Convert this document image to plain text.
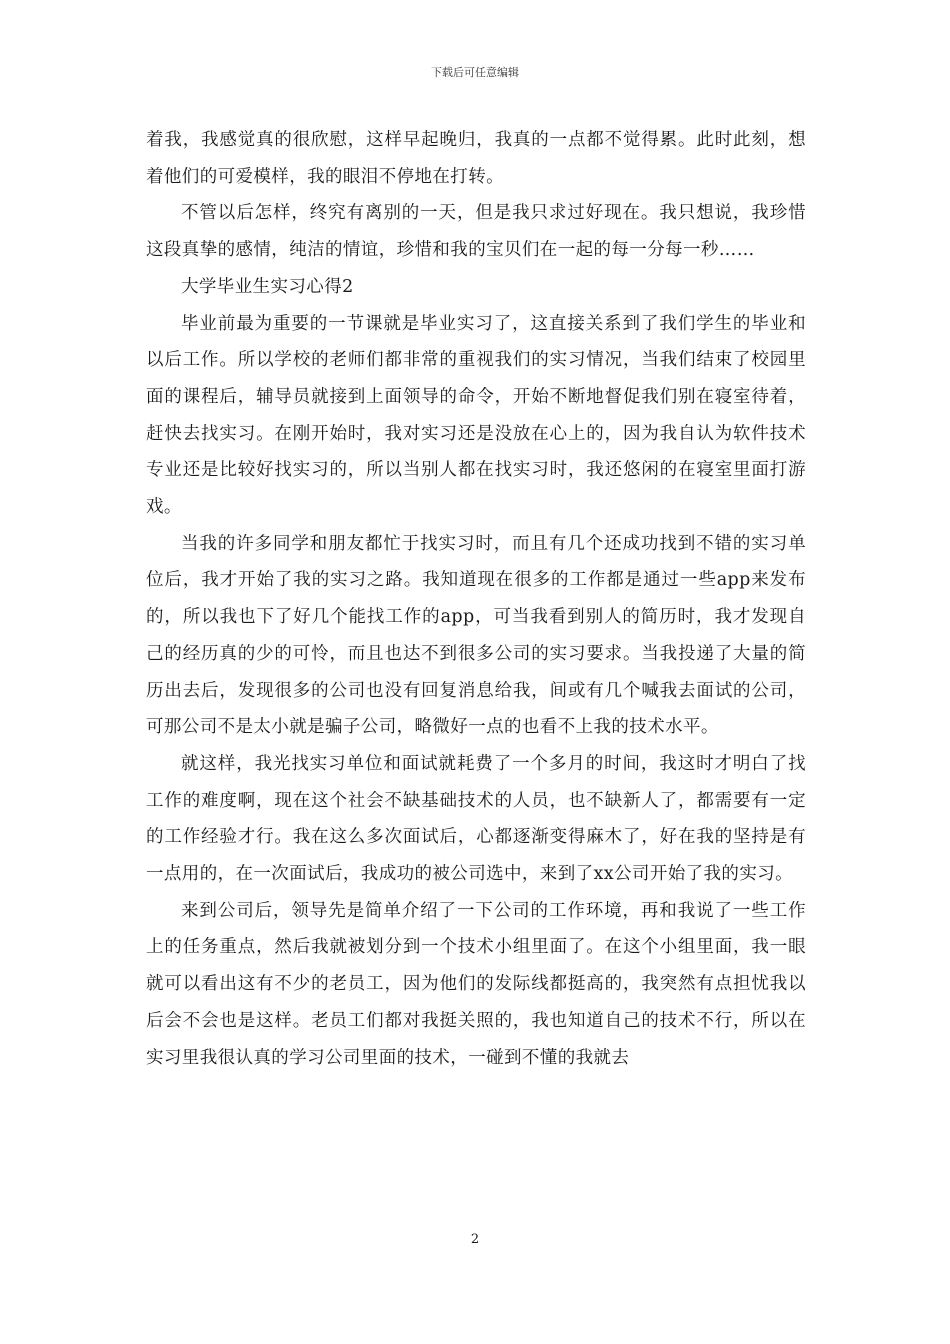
下载后可任意编辑

着我，我感觉真的很欣慰，这样早起晚归，我真的一点都不觉得累。此时此刻，想着他们的可爱模样，我的眼泪不停地在打转。

不管以后怎样，终究有离别的一天，但是我只求过好现在。我只想说，我珍惜这段真挚的感情，纯洁的情谊，珍惜和我的宝贝们在一起的每一分每一秒……

大学毕业生实习心得2

毕业前最为重要的一节课就是毕业实习了，这直接关系到了我们学生的毕业和以后工作。所以学校的老师们都非常的重视我们的实习情况，当我们结束了校园里面的课程后，辅导员就接到上面领导的命令，开始不断地督促我们别在寝室待着，赶快去找实习。在刚开始时，我对实习还是没放在心上的，因为我自认为软件技术专业还是比较好找实习的，所以当别人都在找实习时，我还悠闲的在寝室里面打游戏。

当我的许多同学和朋友都忙于找实习时，而且有几个还成功找到不错的实习单位后，我才开始了我的实习之路。我知道现在很多的工作都是通过一些app来发布的，所以我也下了好几个能找工作的app，可当我看到别人的简历时，我才发现自己的经历真的少的可怜，而且也达不到很多公司的实习要求。当我投递了大量的简历出去后，发现很多的公司也没有回复消息给我，间或有几个喊我去面试的公司，可那公司不是太小就是骗子公司，略微好一点的也看不上我的技术水平。

就这样，我光找实习单位和面试就耗费了一个多月的时间，我这时才明白了找工作的难度啊，现在这个社会不缺基础技术的人员，也不缺新人了，都需要有一定的工作经验才行。我在这么多次面试后，心都逐渐变得麻木了，好在我的坚持是有一点用的，在一次面试后，我成功的被公司选中，来到了xx公司开始了我的实习。

来到公司后，领导先是简单介绍了一下公司的工作环境，再和我说了一些工作上的任务重点，然后我就被划分到一个技术小组里面了。在这个小组里面，我一眼就可以看出这有不少的老员工，因为他们的发际线都挺高的，我突然有点担忧我以后会不会也是这样。老员工们都对我挺关照的，我也知道自己的技术不行，所以在实习里我很认真的学习公司里面的技术，一碰到不懂的我就去

2
